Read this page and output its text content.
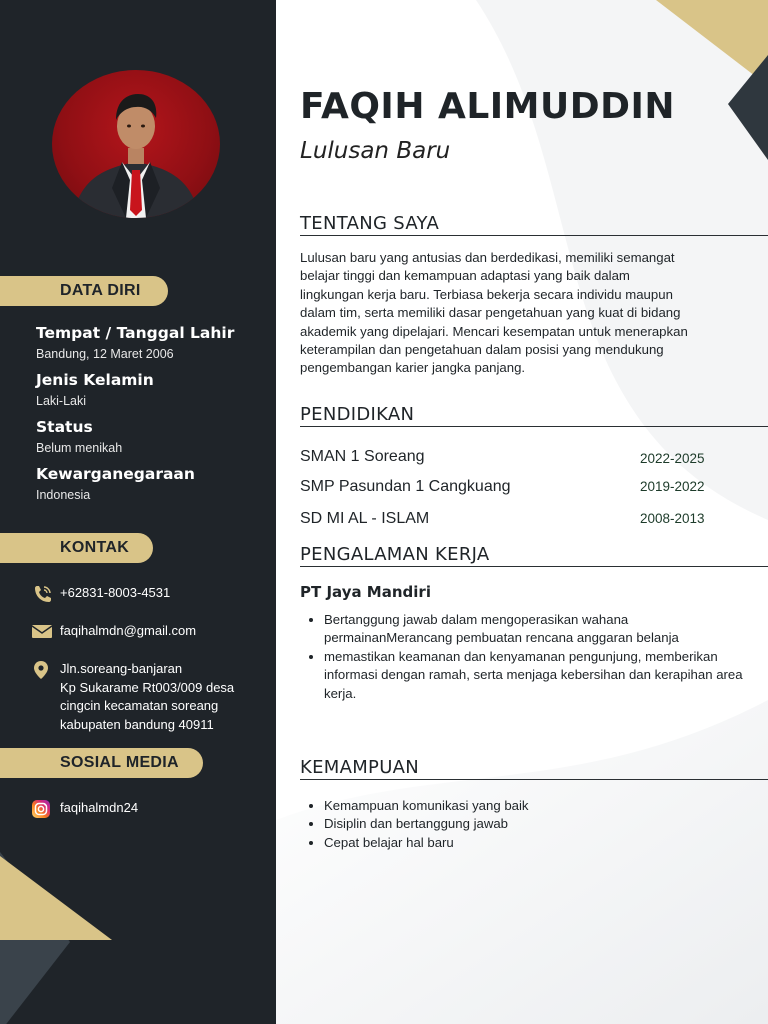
DATA DIRI
Tempat / Tanggal Lahir
Bandung, 12 Maret 2006
Jenis Kelamin
Laki-Laki
Status
Belum menikah
Kewarganegaraan
Indonesia
KONTAK
+62831-8003-4531
faqihalmdn@gmail.com
Jln.soreang-banjaran
Kp Sukarame Rt003/009 desa
cingcin kecamatan soreang
kabupaten bandung 40911
SOSIAL MEDIA
faqihalmdn24
FAQIH ALIMUDDIN
Lulusan Baru
TENTANG SAYA
Lulusan baru yang antusias dan berdedikasi, memiliki semangat
belajar tinggi dan kemampuan adaptasi yang baik dalam
lingkungan kerja baru. Terbiasa bekerja secara individu maupun
dalam tim, serta memiliki dasar pengetahuan yang kuat di bidang
akademik yang dipelajari. Mencari kesempatan untuk menerapkan
keterampilan dan pengetahuan dalam posisi yang mendukung
pengembangan karier jangka panjang.
PENDIDIKAN
SMAN 1 Soreang	2022-2025
SMP Pasundan 1 Cangkuang	2019-2022
SD MI AL - ISLAM	2008-2013
PENGALAMAN KERJA
PT Jaya Mandiri
• Bertanggung jawab dalam mengoperasikan wahana permainanMerancang pembuatan rencana anggaran belanja
• memastikan keamanan dan kenyamanan pengunjung, memberikan informasi dengan ramah, serta menjaga kebersihan dan kerapihan area kerja.
KEMAMPUAN
• Kemampuan komunikasi yang baik
• Disiplin dan bertanggung jawab
• Cepat belajar hal baru
